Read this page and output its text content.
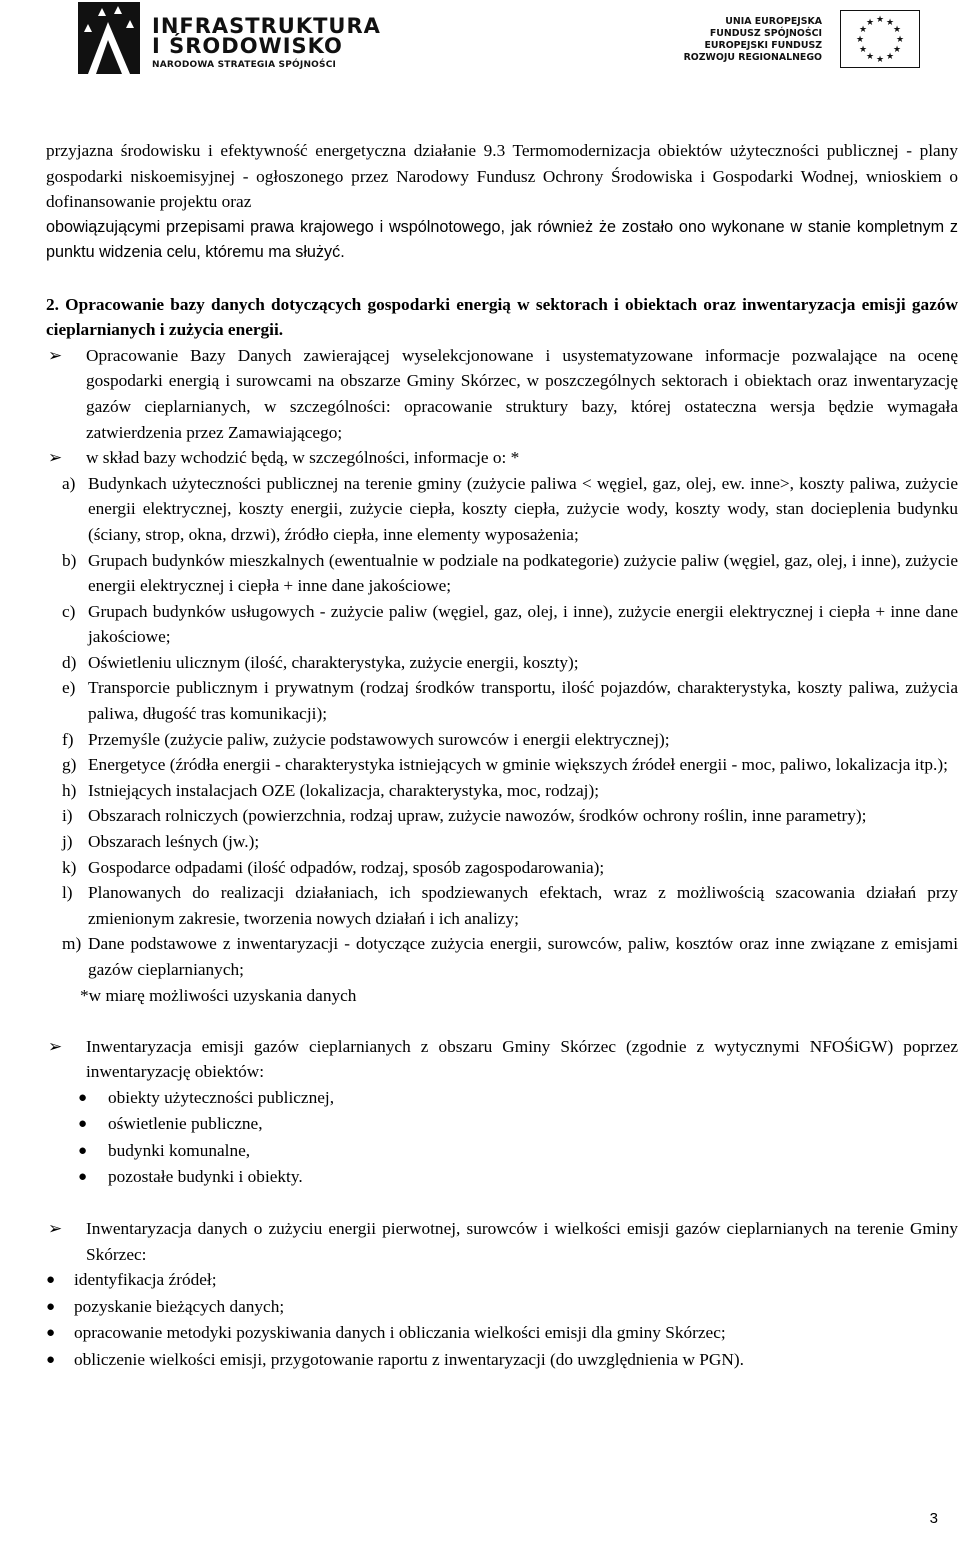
INFRASTRUKTURA
I ŚRODOWISKO
NARODOWA STRATEGIA SPÓJNOŚCI
UNIA EUROPEJSKA
FUNDUSZ SPÓJNOŚCI
EUROPEJSKI FUNDUSZ
ROZWOJU REGIONALNEGO
★ ★
★
★
★
★
★
★
★
★
★
★

przyjazna środowisku i efektywność energetyczna działanie 9.3 Termomodernizacja obiektów użyteczności publicznej - plany gospodarki niskoemisyjnej - ogłoszonego przez Narodowy Fundusz Ochrony Środowiska i Gospodarki Wodnej, wnioskiem o dofinansowanie projektu oraz

obowiązującymi przepisami prawa krajowego i wspólnotowego, jak również że zostało ono wykonane w stanie kompletnym z punktu widzenia celu, któremu ma służyć.

2. Opracowanie bazy danych dotyczących gospodarki energią w sektorach i obiektach oraz inwentaryzacja emisji gazów cieplarnianych i zużycia energii.

➢	Opracowanie Bazy Danych zawierającej wyselekcjonowane i usystematyzowane informacje pozwalające na ocenę gospodarki energią i surowcami na obszarze Gminy Skórzec, w poszczególnych sektorach i obiektach oraz inwentaryzację gazów cieplarnianych, w szczególności: opracowanie struktury bazy, której ostateczna wersja będzie wymagała zatwierdzenia przez Zamawiającego;
➢	w skład bazy wchodzić będą, w szczególności, informacje o: *
a) Budynkach użyteczności publicznej na terenie gminy (zużycie paliwa < węgiel, gaz, olej, ew. inne>, koszty paliwa, zużycie energii elektrycznej, koszty energii, zużycie ciepła, koszty ciepła, zużycie wody, koszty wody, stan docieplenia budynku (ściany, strop, okna, drzwi), źródło ciepła, inne elementy wyposażenia;
b) Grupach budynków mieszkalnych (ewentualnie w podziale na podkategorie) zużycie paliw (węgiel, gaz, olej, i inne), zużycie energii elektrycznej i ciepła + inne dane jakościowe;
c) Grupach budynków usługowych - zużycie paliw (węgiel, gaz, olej, i inne), zużycie energii elektrycznej i ciepła + inne dane jakościowe;
d) Oświetleniu ulicznym (ilość, charakterystyka, zużycie energii, koszty);
e) Transporcie publicznym i prywatnym (rodzaj środków transportu, ilość pojazdów, charakterystyka, koszty paliwa, zużycia paliwa, długość tras komunikacji);
f) Przemyśle (zużycie paliw, zużycie podstawowych surowców i energii elektrycznej);
g) Energetyce (źródła energii - charakterystyka istniejących w gminie większych źródeł energii - moc, paliwo, lokalizacja itp.);
h) Istniejących instalacjach OZE (lokalizacja, charakterystyka, moc, rodzaj);
i) Obszarach rolniczych (powierzchnia, rodzaj upraw, zużycie nawozów, środków ochrony roślin, inne parametry);
j) Obszarach leśnych (jw.);
k) Gospodarce odpadami (ilość odpadów, rodzaj, sposób zagospodarowania);
l) Planowanych do realizacji działaniach, ich spodziewanych efektach, wraz z możliwością szacowania działań przy zmienionym zakresie, tworzenia nowych działań i ich analizy;
m) Dane podstawowe z inwentaryzacji - dotyczące zużycia energii, surowców, paliw, kosztów oraz inne związane z emisjami gazów cieplarnianych;
*w miarę możliwości uzyskania danych
➢	Inwentaryzacja emisji gazów cieplarnianych z obszaru Gminy Skórzec (zgodnie z wytycznymi NFOŚiGW) poprzez inwentaryzację obiektów:
●	obiekty użyteczności publicznej,
●	oświetlenie publiczne,
●	budynki komunalne,
●	pozostałe budynki i obiekty.
➢	Inwentaryzacja danych o zużyciu energii pierwotnej, surowców i wielkości emisji gazów cieplarnianych na terenie Gminy Skórzec:
●	identyfikacja źródeł;
●	pozyskanie bieżących danych;
●	opracowanie metodyki pozyskiwania danych i obliczania wielkości emisji dla gminy Skórzec;
●	obliczenie wielkości emisji, przygotowanie raportu z inwentaryzacji (do uwzględnienia w PGN).
3
